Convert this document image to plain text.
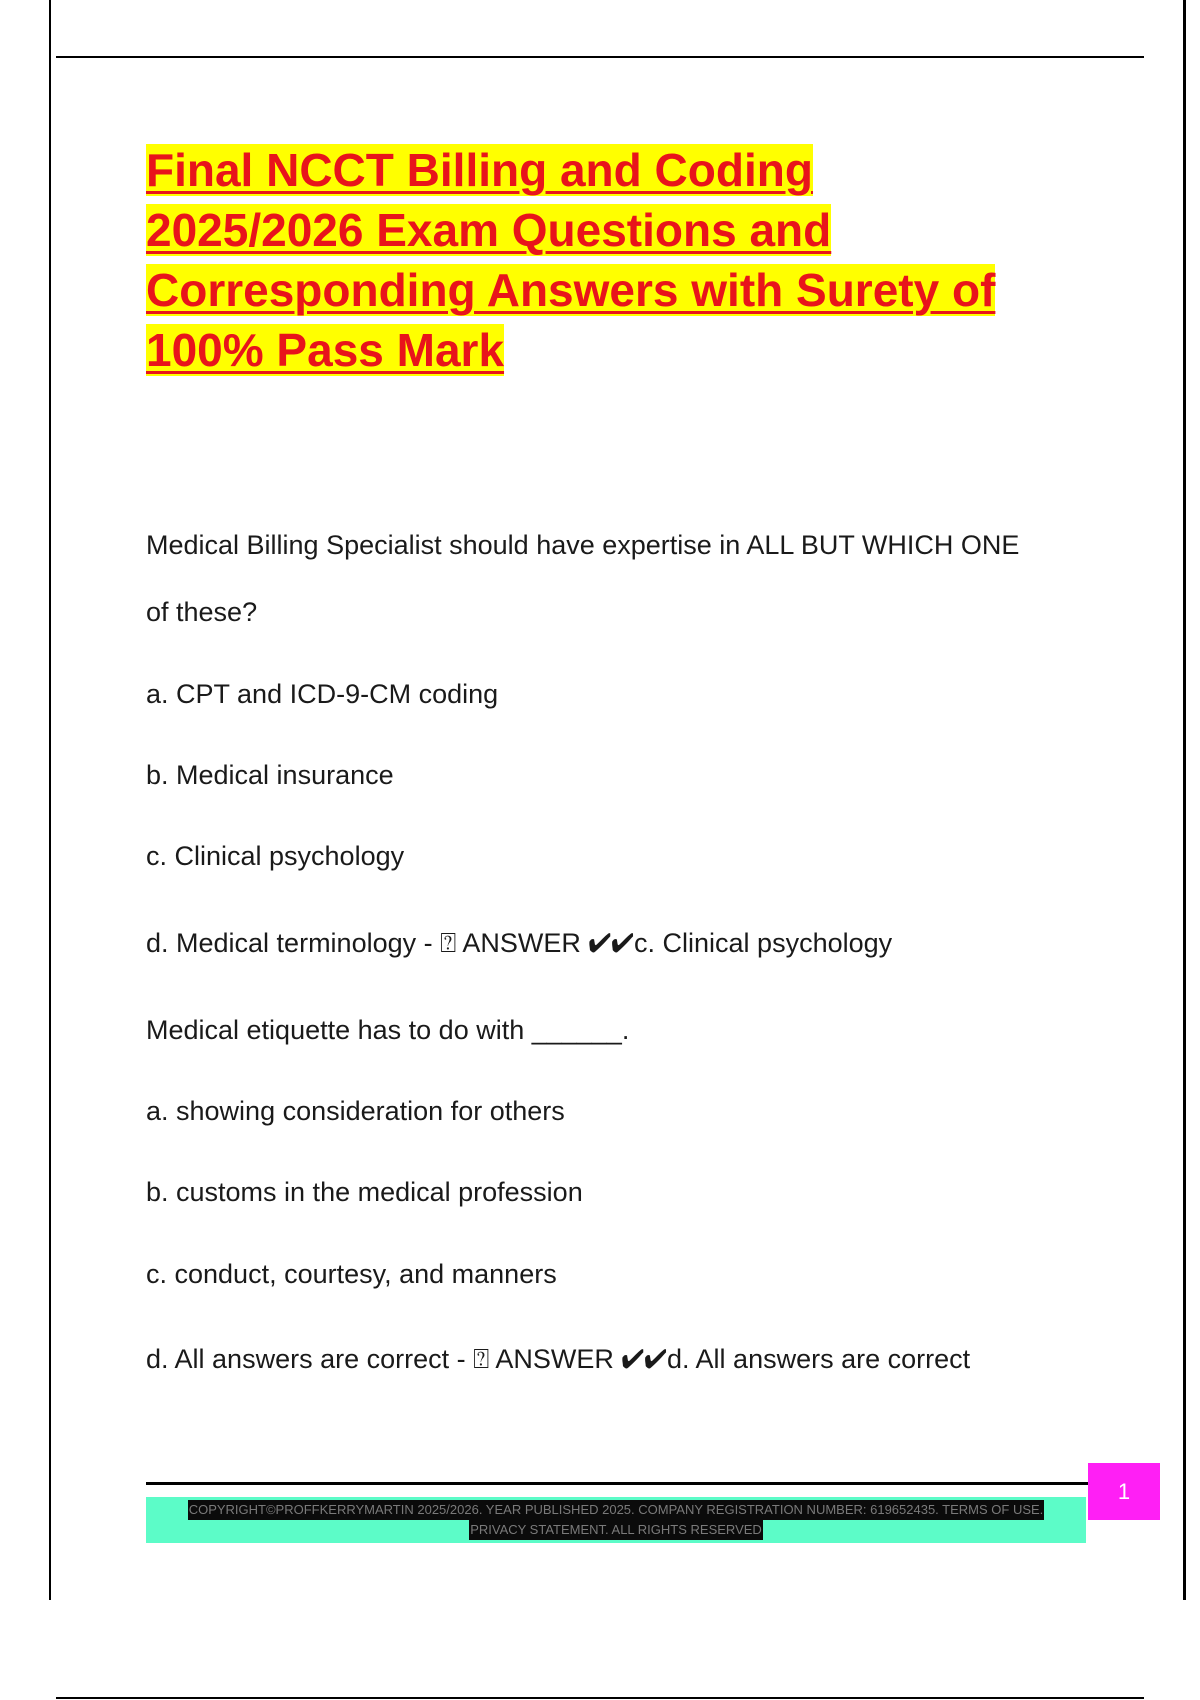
Final NCCT Billing and Coding
2025/2026 Exam Questions and
Corresponding Answers with Surety of
100% Pass Mark
Medical Billing Specialist should have expertise in ALL BUT WHICH ONE
of these?
a. CPT and ICD-9-CM coding
b. Medical insurance
c. Clinical psychology
d. Medical terminology - ⍰ ANSWER ✔✔c. Clinical psychology
Medical etiquette has to do with ______.
a. showing consideration for others
b. customs in the medical profession
c. conduct, courtesy, and manners
d. All answers are correct - ⍰ ANSWER ✔✔d. All answers are correct
1
COPYRIGHT©PROFFKERRYMARTIN 2025/2026. YEAR PUBLISHED 2025. COMPANY REGISTRATION NUMBER: 619652435. TERMS OF USE.
PRIVACY STATEMENT. ALL RIGHTS RESERVED
